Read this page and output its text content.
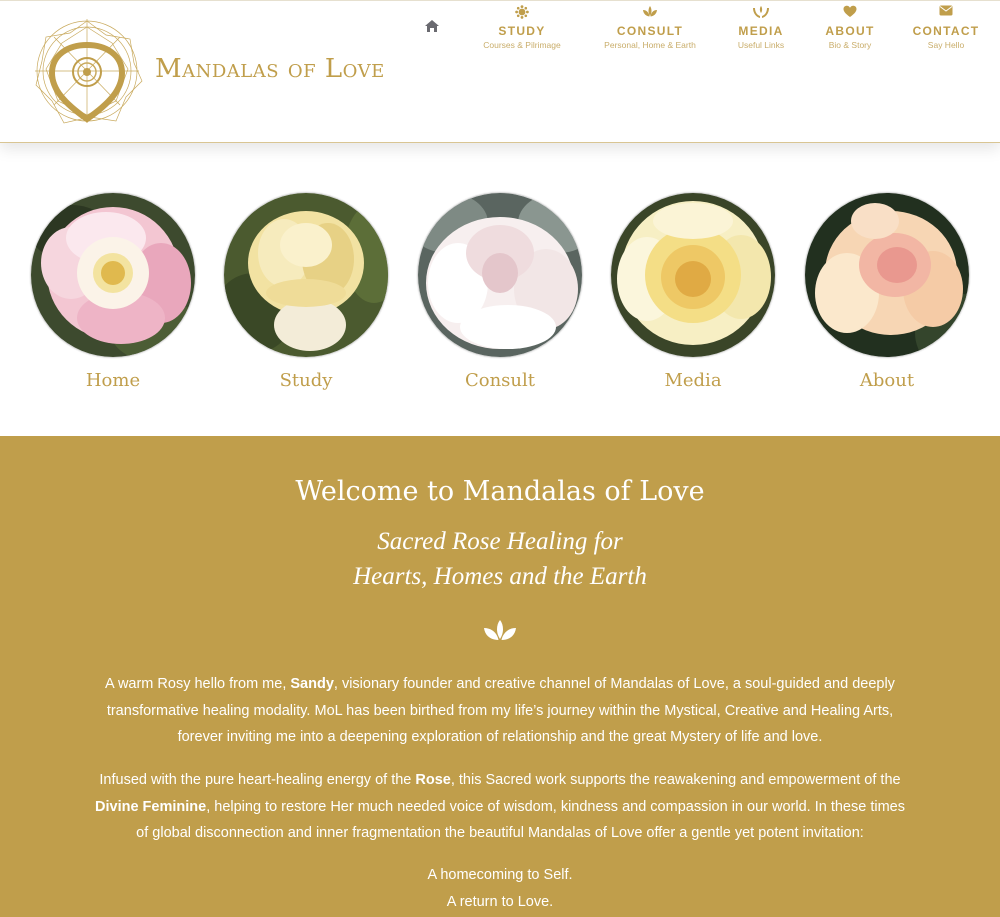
Mandalas of Love
STUDY
Courses & Pilrimage
CONSULT
Personal, Home & Earth
MEDIA
Useful Links
ABOUT
Bio & Story
CONTACT
Say Hello
Home	Study	Consult	Media	About
Welcome to Mandalas of Love
Sacred Rose Healing for
Hearts, Homes and the Earth

A warm Rosy hello from me, Sandy, visionary founder and creative channel of Mandalas of Love, a soul-guided and deeply transformative healing modality. MoL has been birthed from my life’s journey within the Mystical, Creative and Healing Arts, forever inviting me into a deepening exploration of relationship and the great Mystery of life and love.

Infused with the pure heart-healing energy of the Rose, this Sacred work supports the reawakening and empowerment of the Divine Feminine, helping to restore Her much needed voice of wisdom, kindness and compassion in our world. In these times of global disconnection and inner fragmentation the beautiful Mandalas of Love offer a gentle yet potent invitation:

A homecoming to Self.
A return to Love.
